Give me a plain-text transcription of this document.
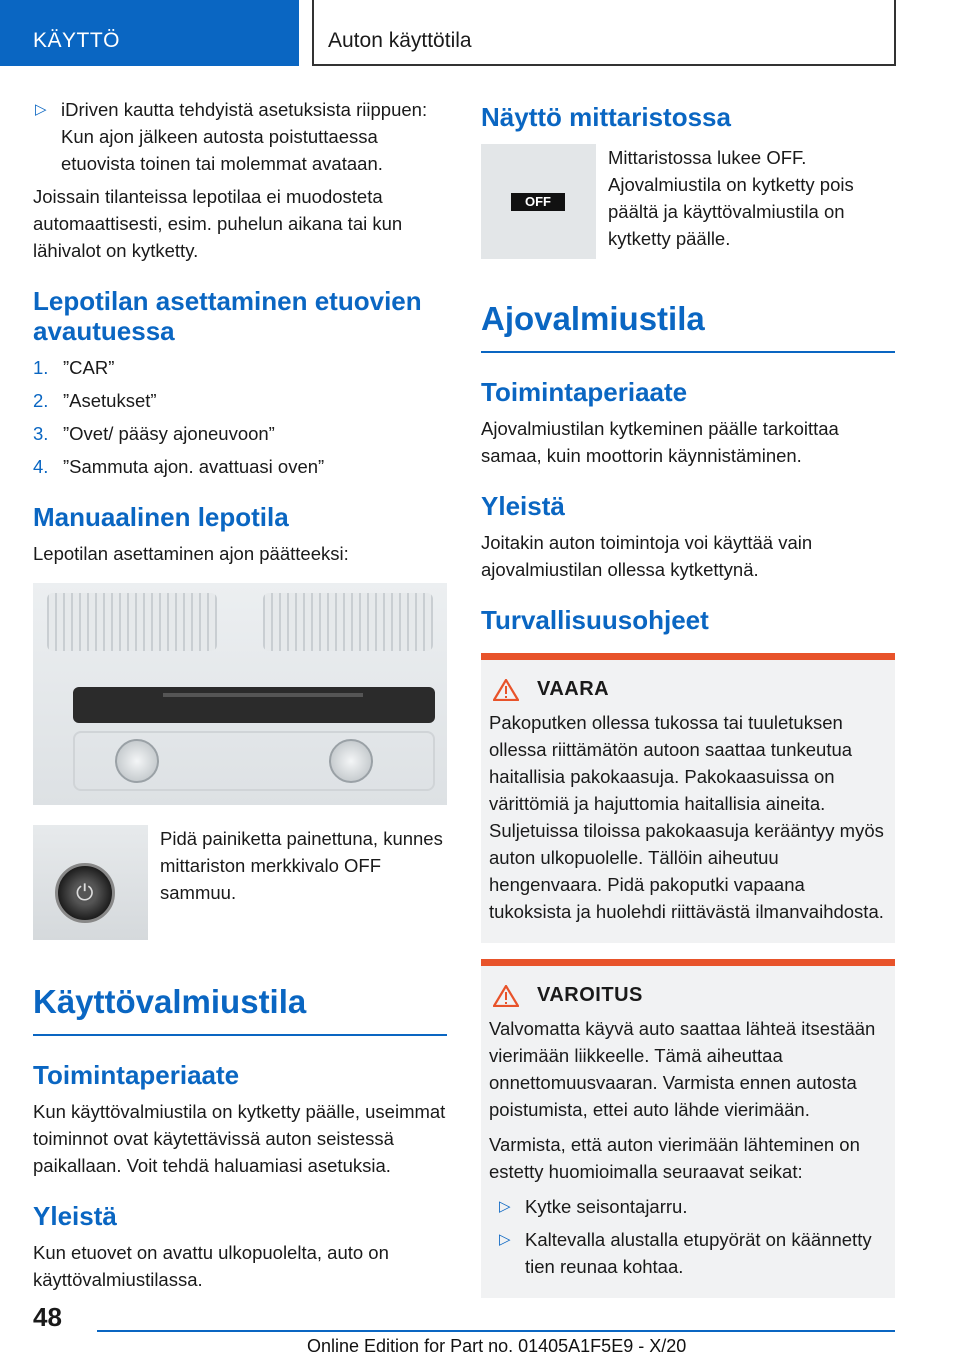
KÄYTTÖ	Auton käyttötila
▷ iDriven kautta tehdyistä asetuksista riippuen: Kun ajon jälkeen autosta poistuttaessa etuovista toinen tai molemmat avataan.

Joissain tilanteissa lepotilaa ei muodosteta automaattisesti, esim. puhelun aikana tai kun lähivalot on kytketty.

Lepotilan asettaminen etuovien avautuessa
1. ”CAR”
2. ”Asetukset”
3. ”Ovet/ pääsy ajoneuvoon”
4. ”Sammuta ajon. avattuasi oven”
Manuaalinen lepotila

Lepotilan asettaminen ajon päätteeksi:

⏻
Pidä painiketta painettuna, kunnes mittariston merkkivalo OFF sammuu.
Käyttövalmiustila
Toimintaperiaate

Kun käyttövalmiustila on kytketty päälle, useimmat toiminnot ovat käytettävissä auton seistessä paikallaan. Voit tehdä haluamiasi asetuksia.

Yleistä

Kun etuovet on avattu ulkopuolelta, auto on käyttövalmiustilassa.

Näyttö mittaristossa
OFF
Mittaristossa lukee OFF. Ajovalmiustila on kytketty pois päältä ja käyttövalmiustila on kytketty päälle.
Ajovalmiustila
Toimintaperiaate

Ajovalmiustilan kytkeminen päälle tarkoittaa samaa, kuin moottorin käynnistäminen.

Yleistä

Joitakin auton toimintoja voi käyttää vain ajovalmiustilan ollessa kytkettynä.

Turvallisuusohjeet
VAARA

Pakoputken ollessa tukossa tai tuuletuksen ollessa riittämätön autoon saattaa tunkeutua haitallisia pakokaasuja. Pakokaasuissa on värittömiä ja hajuttomia haitallisia aineita. Suljetuissa tiloissa pakokaasuja kerääntyy myös auton ulkopuolelle. Tällöin aiheutuu hengenvaara. Pidä pakoputki vapaana tukoksista ja huolehdi riittävästä ilmanvaihdosta.

VAROITUS

Valvomatta käyvä auto saattaa lähteä itsestään vierimään liikkeelle. Tämä aiheuttaa onnettomuusvaaran. Varmista ennen autosta poistumista, ettei auto lähde vierimään.

Varmista, että auton vierimään lähteminen on estetty huomioimalla seuraavat seikat:

▷ Kytke seisontajarru.
▷ Kaltevalla alustalla etupyörät on käännetty tien reunaa kohtaa.
48
Online Edition for Part no. 01405A1F5E9 - X/20
